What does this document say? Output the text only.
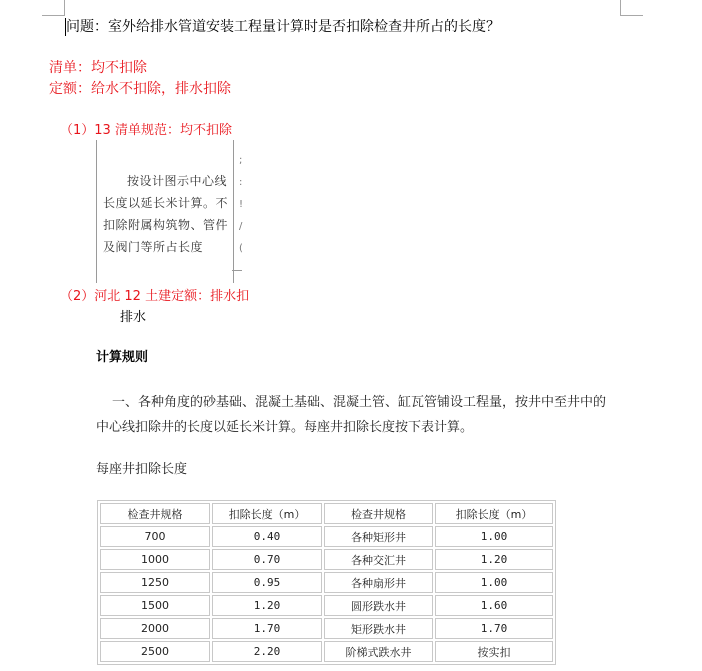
问题：室外给排水管道安装工程量计算时是否扣除检查井所占的长度？
清单：均不扣除
定额：给水不扣除，排水扣除
（1）13 清单规范：均不扣除
按设计图示中心线长度以延长米计算。不扣除附属构筑物、管件及阀门等所占长度
;
:
!
/
(
（2）河北 12 土建定额：排水扣
排水
计算规则
一、各种角度的砂基础、混凝土基础、混凝土管、缸瓦管铺设工程量，按井中至井中的
中心线扣除井的长度以延长米计算。每座井扣除长度按下表计算。
每座井扣除长度
检查井规格	扣除长度（m）	检查井规格	扣除长度（m）
700	0.40	各种矩形井	1.00
1000	0.70	各种交汇井	1.20
1250	0.95	各种扇形井	1.00
1500	1.20	圆形跌水井	1.60
2000	1.70	矩形跌水井	1.70
2500	2.20	阶梯式跌水井	按实扣
